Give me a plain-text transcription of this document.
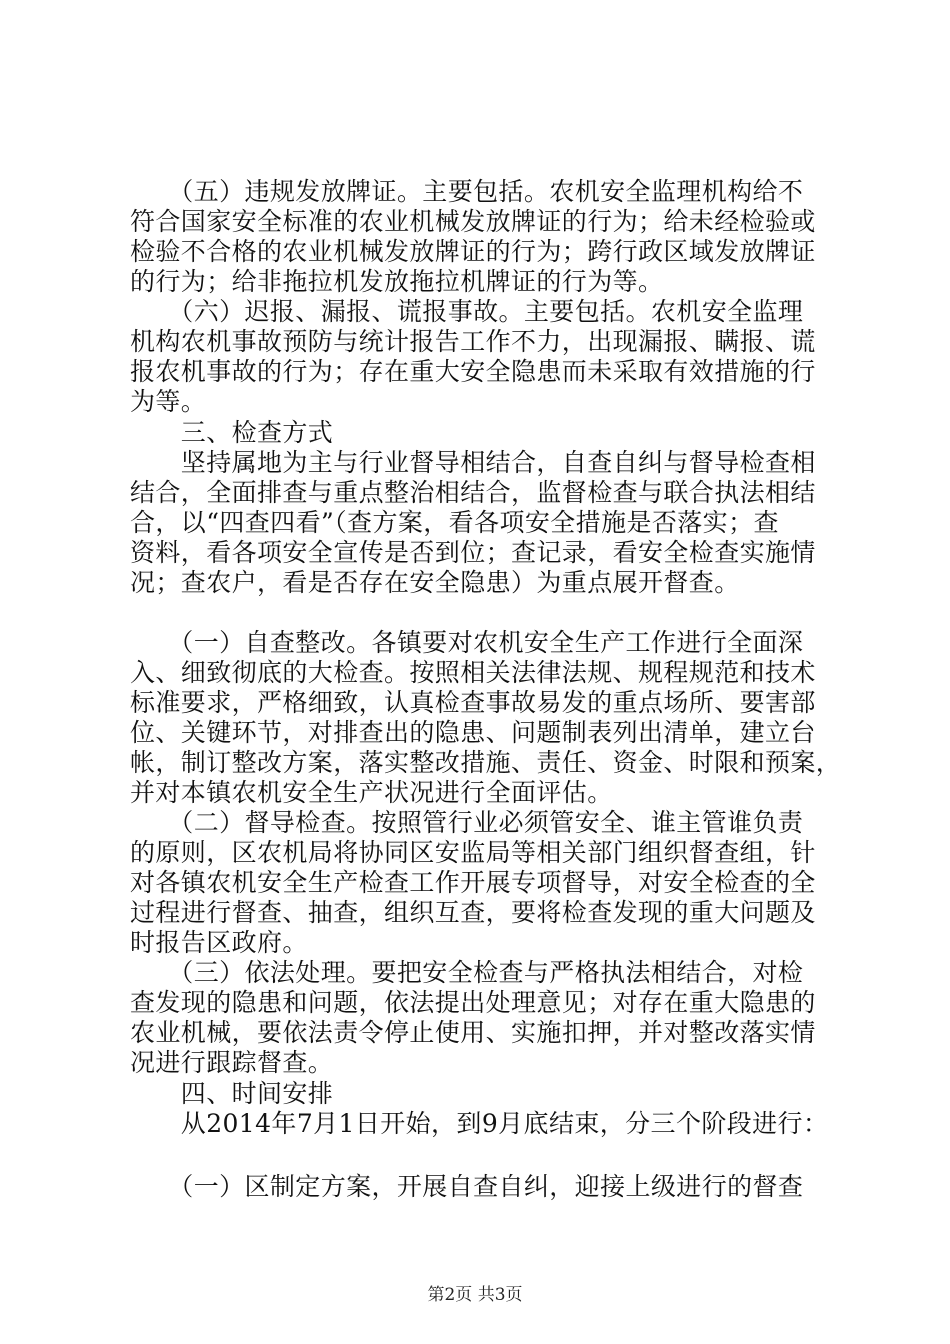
　　（五）违规发放牌证。主要包括。农机安全监理机构给不
符合国家安全标准的农业机械发放牌证的行为；给未经检验或
检验不合格的农业机械发放牌证的行为；跨行政区域发放牌证
的行为；给非拖拉机发放拖拉机牌证的行为等。
　　（六）迟报、漏报、谎报事故。主要包括。农机安全监理
机构农机事故预防与统计报告工作不力，出现漏报、瞒报、谎
报农机事故的行为；存在重大安全隐患而未采取有效措施的行
为等。
　　三、检查方式
　　坚持属地为主与行业督导相结合，自查自纠与督导检查相
结合，全面排查与重点整治相结合，监督检查与联合执法相结
合，以“四查四看”（查方案，看各项安全措施是否落实；查
资料，看各项安全宣传是否到位；查记录，看安全检查实施情
况；查农户，看是否存在安全隐患）为重点展开督查。
　　（一）自查整改。各镇要对农机安全生产工作进行全面深
入、细致彻底的大检查。按照相关法律法规、规程规范和技术
标准要求，严格细致，认真检查事故易发的重点场所、要害部
位、关键环节，对排查出的隐患、问题制表列出清单，建立台
帐，制订整改方案，落实整改措施、责任、资金、时限和预案，
并对本镇农机安全生产状况进行全面评估。
　　（二）督导检查。按照管行业必须管安全、谁主管谁负责
的原则，区农机局将协同区安监局等相关部门组织督查组，针
对各镇农机安全生产检查工作开展专项督导，对安全检查的全
过程进行督查、抽查，组织互查，要将检查发现的重大问题及
时报告区政府。
　　（三）依法处理。要把安全检查与严格执法相结合，对检
查发现的隐患和问题，依法提出处理意见；对存在重大隐患的
农业机械，要依法责令停止使用、实施扣押，并对整改落实情
况进行跟踪督查。
　　四、时间安排
　　从2014年7月1日开始，到9月底结束，分三个阶段进行：
　　（一）区制定方案，开展自查自纠，迎接上级进行的督查
第2页 共3页
